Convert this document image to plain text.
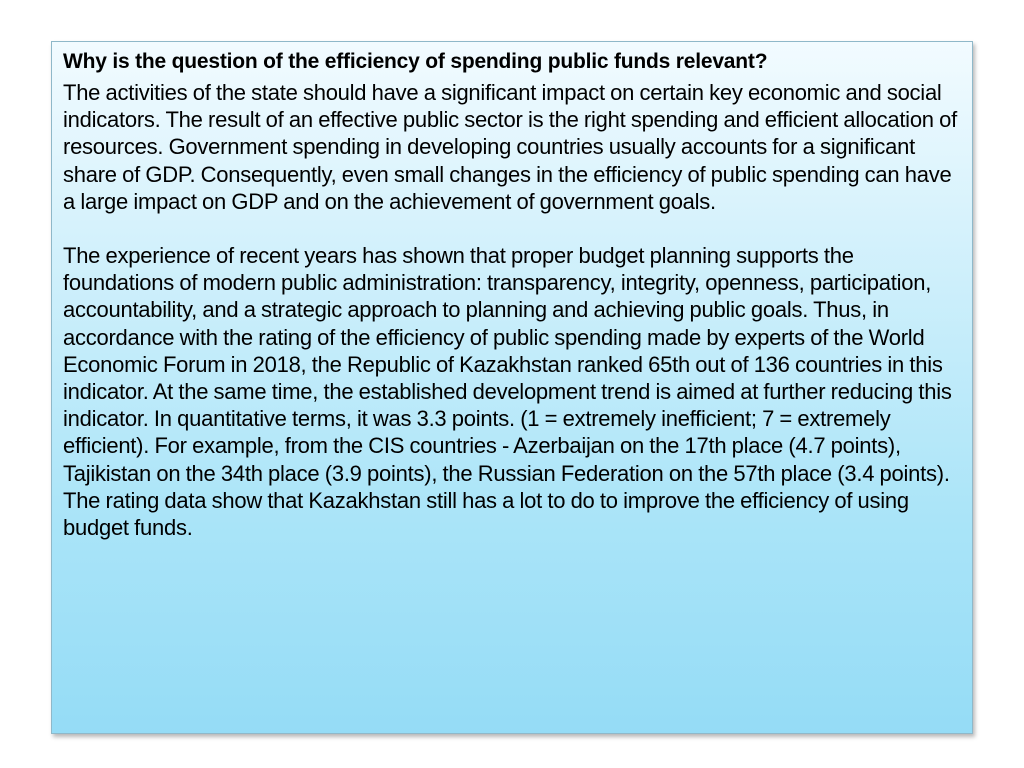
Why is the question of the efficiency of spending public funds relevant?

The activities of the state should have a significant impact on certain key economic and social indicators. The result of an effective public sector is the right spending and efficient allocation of resources. Government spending in developing countries usually accounts for a significant share of GDP. Consequently, even small changes in the efficiency of public spending can have a large impact on GDP and on the achievement of government goals.

The experience of recent years has shown that proper budget planning supports the foundations of modern public administration: transparency, integrity, openness, participation, accountability, and a strategic approach to planning and achieving public goals. Thus, in accordance with the rating of the efficiency of public spending made by experts of the World Economic Forum in 2018, the Republic of Kazakhstan ranked 65th out of 136 countries in this indicator. At the same time, the established development trend is aimed at further reducing this indicator. In quantitative terms, it was 3.3 points. (1 = extremely inefficient; 7 = extremely efficient). For example, from the CIS countries - Azerbaijan on the 17th place (4.7 points), Tajikistan on the 34th place (3.9 points), the Russian Federation on the 57th place (3.4 points). The rating data show that Kazakhstan still has a lot to do to improve the efficiency of using budget funds.
